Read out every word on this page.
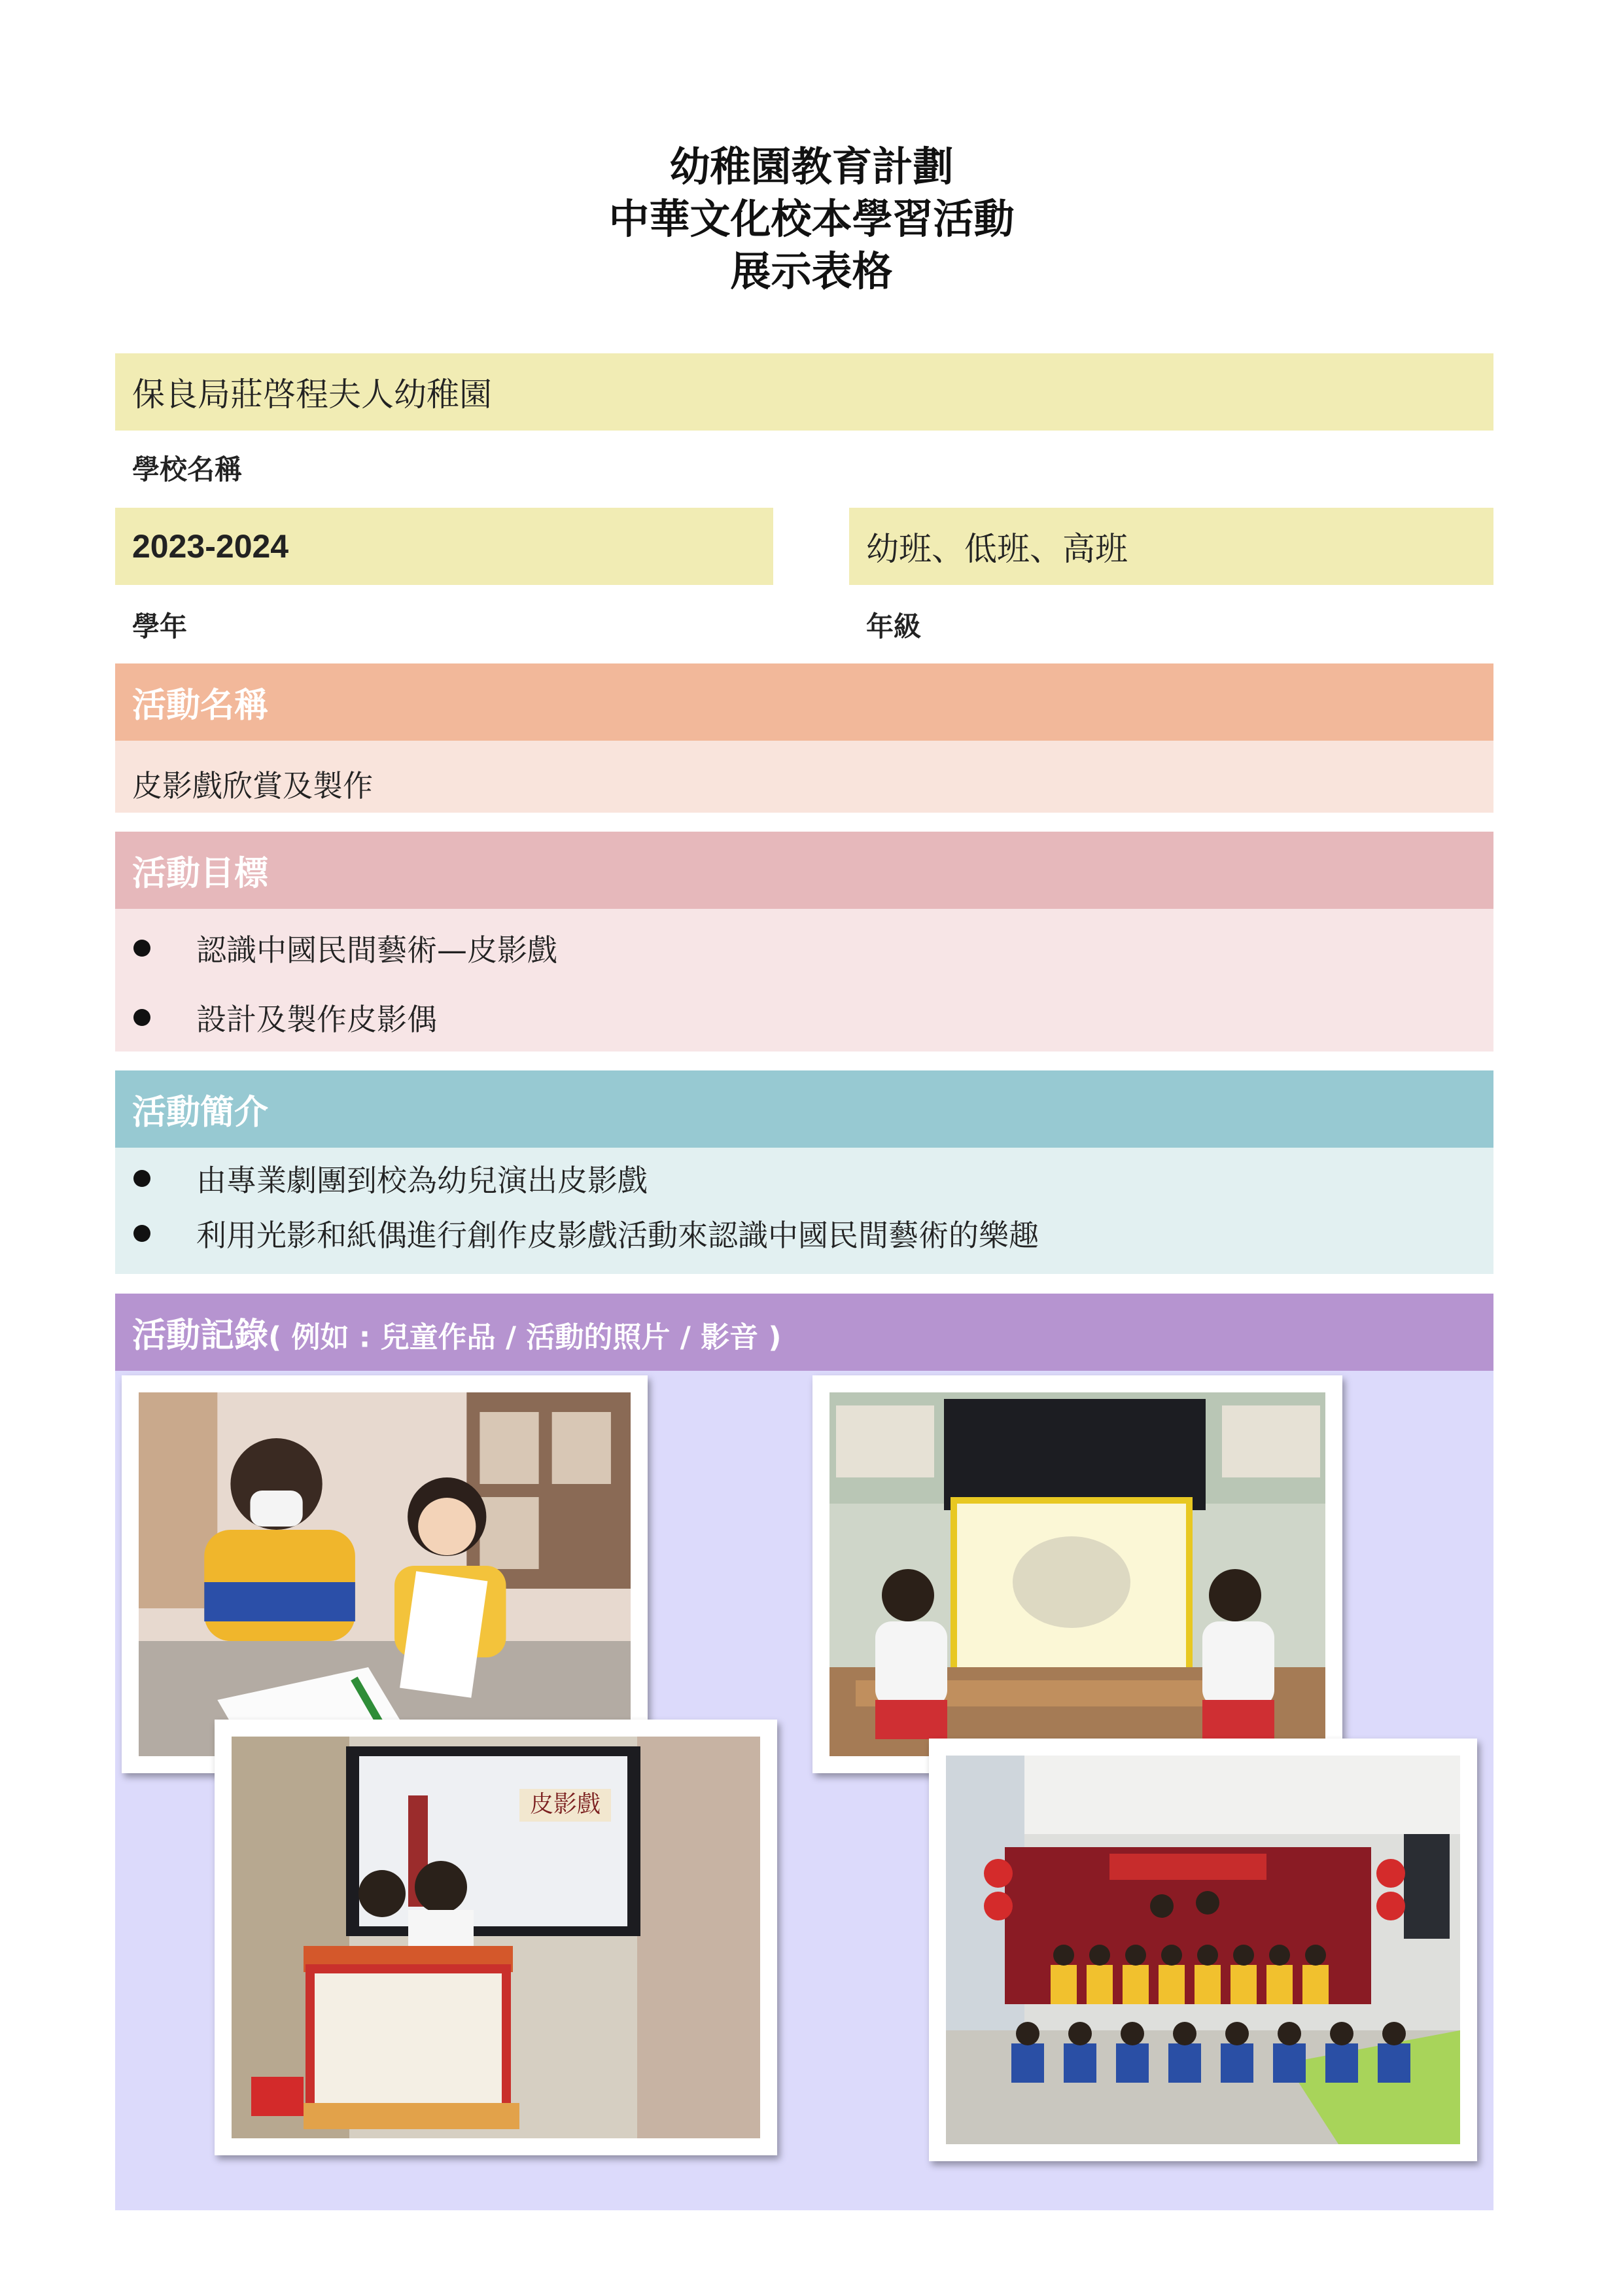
幼稚園教育計劃
中華文化校本學習活動
展示表格
保良局莊啓程夫人幼稚園
學校名稱
2023-2024
學年
幼班、低班、高班
年級
活動名稱
皮影戲欣賞及製作
活動目標
認識中國民間藝術—皮影戲
設計及製作皮影偶
活動簡介
由專業劇團到校為幼兒演出皮影戲
利用光影和紙偶進行創作皮影戲活動來認識中國民間藝術的樂趣
活動記錄( 例如 : 兒童作品 / 活動的照片 / 影音 )
皮影戲
